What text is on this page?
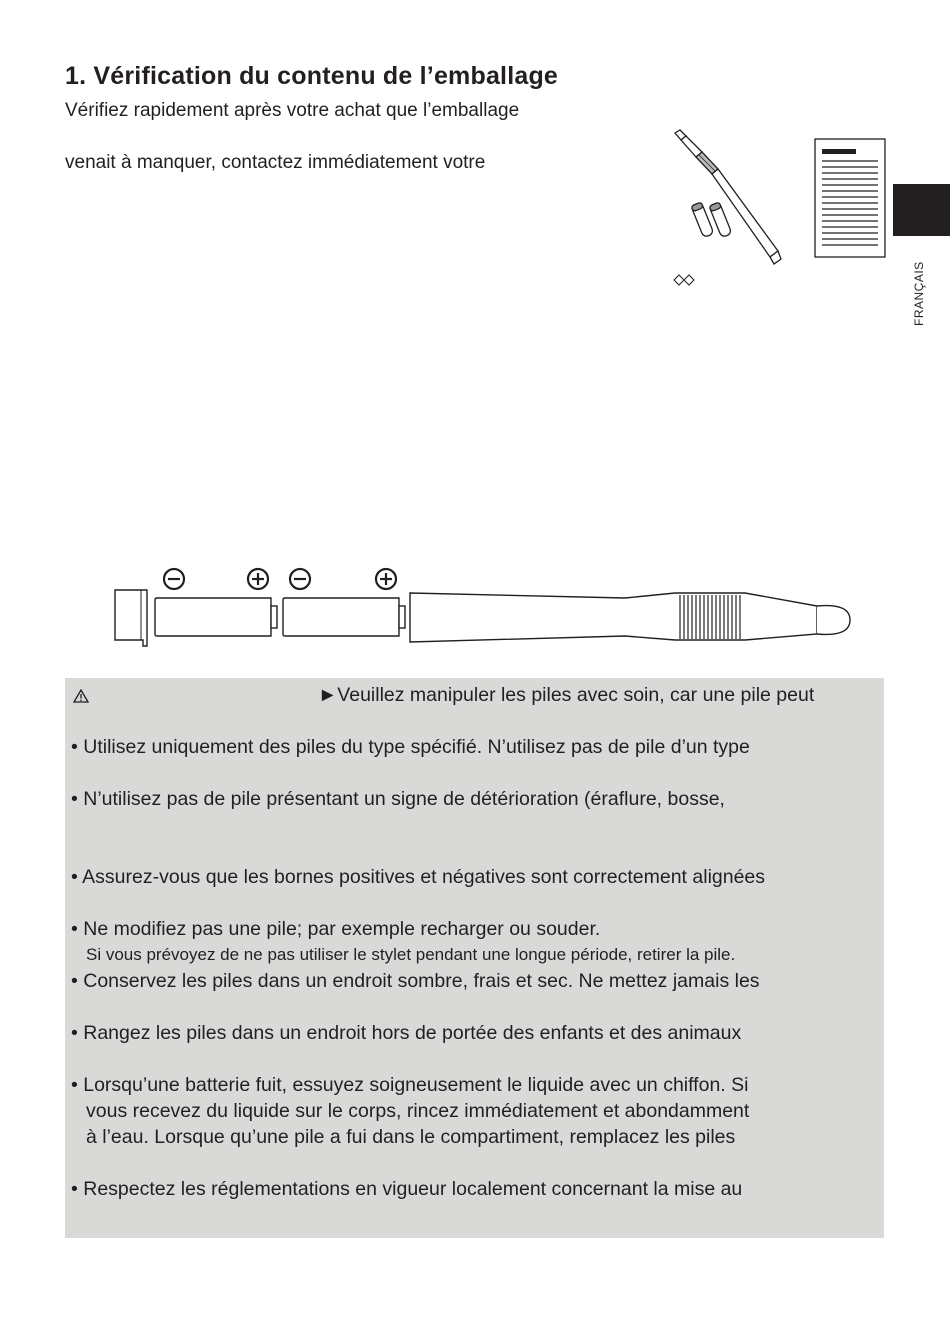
1. Vérification du contenu de l’emballage
Vérifiez rapidement après votre achat que l’emballage
venait à manquer, contactez immédiatement votre
FRANÇAIS
►Veuillez manipuler les piles avec soin, car une pile peut
• Utilisez uniquement des piles du type spécifié. N’utilisez pas de pile d’un type
• N’utilisez pas de pile présentant un signe de détérioration (éraflure, bosse,
• Assurez-vous que les bornes positives et négatives sont correctement alignées
• Ne modifiez pas une pile; par exemple recharger ou souder.
Si vous prévoyez de ne pas utiliser le stylet pendant une longue période, retirer la pile.
• Conservez les piles dans un endroit sombre, frais et sec. Ne mettez jamais les
• Rangez les piles dans un endroit hors de portée des enfants et des animaux
• Lorsqu’une batterie fuit, essuyez soigneusement le liquide avec un chiffon. Si
vous recevez du liquide sur le corps, rincez immédiatement et abondamment
à l’eau. Lorsque qu’une pile a fui dans le compartiment, remplacez les piles
• Respectez les réglementations en vigueur localement concernant la mise au
